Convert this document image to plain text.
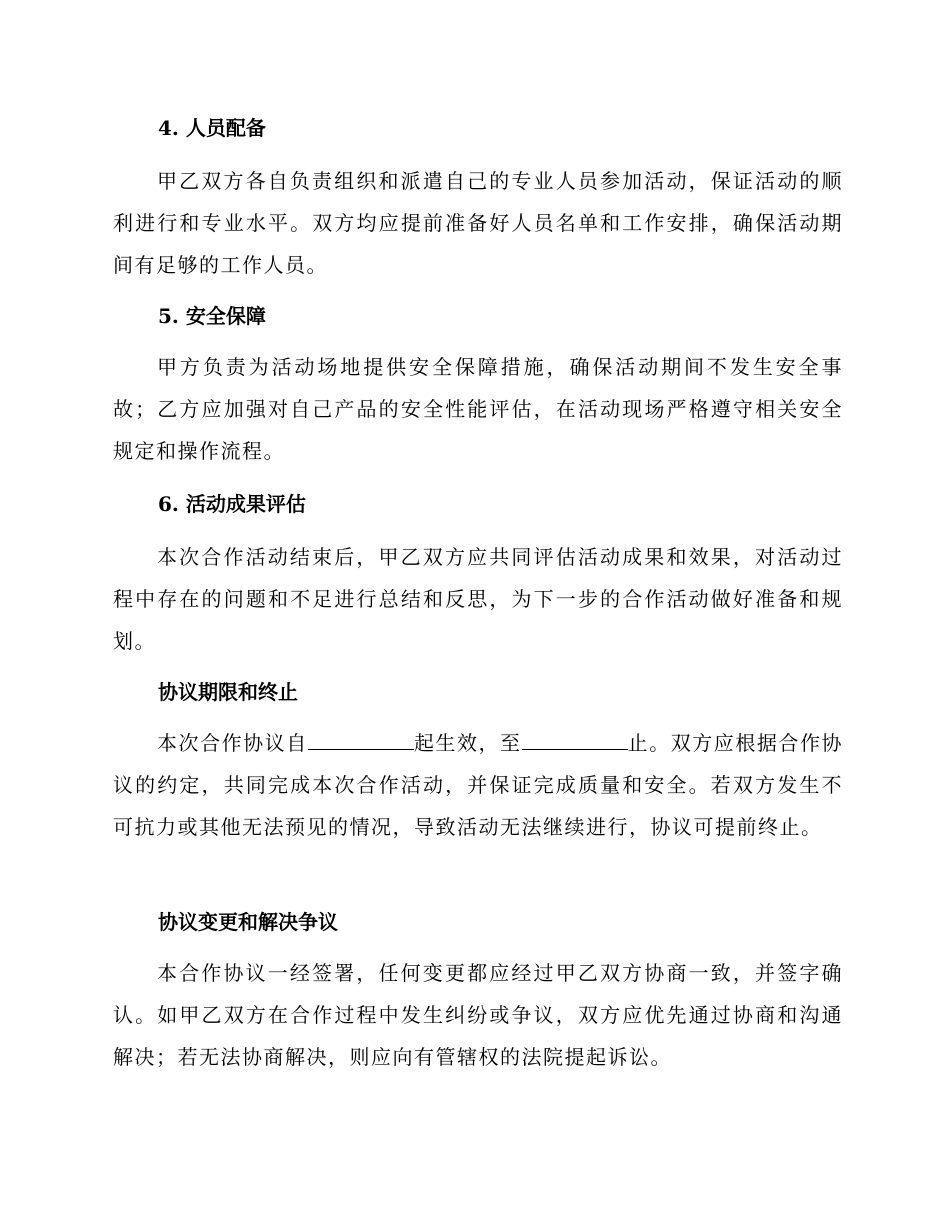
4. 人员配备

甲乙双方各自负责组织和派遣自己的专业人员参加活动，保证活动的顺利进行和专业水平。双方均应提前准备好人员名单和工作安排，确保活动期间有足够的工作人员。

5. 安全保障

甲方负责为活动场地提供安全保障措施，确保活动期间不发生安全事故；乙方应加强对自己产品的安全性能评估，在活动现场严格遵守相关安全规定和操作流程。

6. 活动成果评估

本次合作活动结束后，甲乙双方应共同评估活动成果和效果，对活动过程中存在的问题和不足进行总结和反思，为下一步的合作活动做好准备和规划。

协议期限和终止

本次合作协议自	起生效，至	止。双方应根据合作协议的约定，共同完成本次合作活动，并保证完成质量和安全。若双方发生不可抗力或其他无法预见的情况，导致活动无法继续进行，协议可提前终止。

协议变更和解决争议

本合作协议一经签署，任何变更都应经过甲乙双方协商一致，并签字确认。如甲乙双方在合作过程中发生纠纷或争议，双方应优先通过协商和沟通解决；若无法协商解决，则应向有管辖权的法院提起诉讼。
